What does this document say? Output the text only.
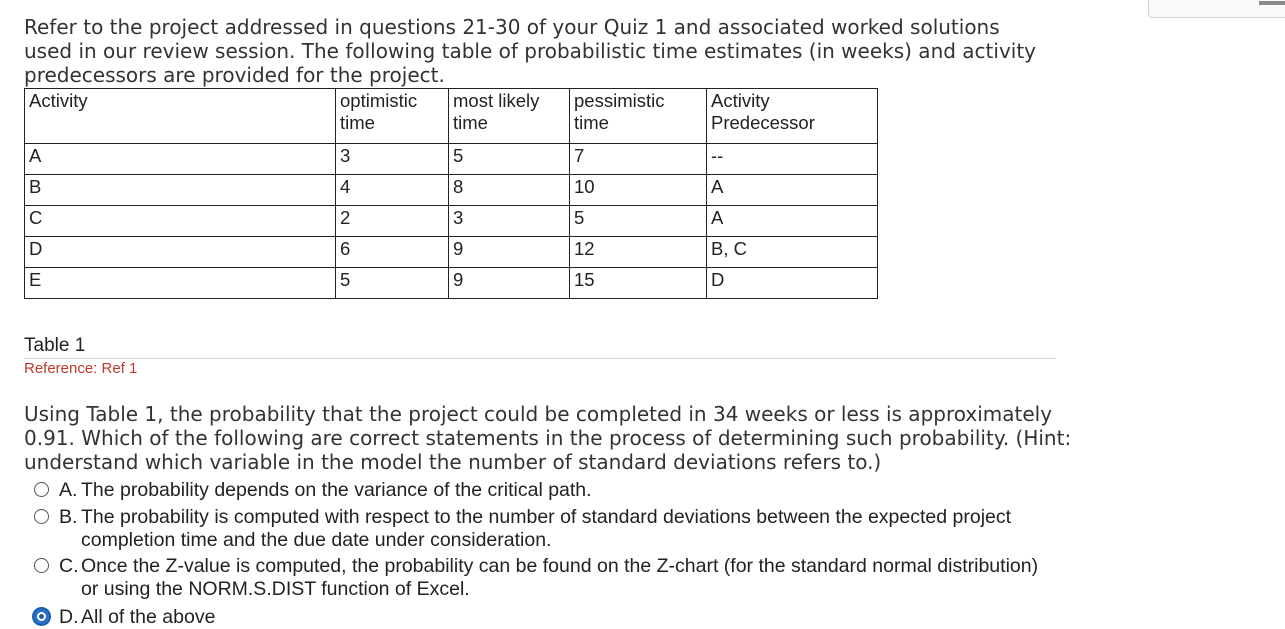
Refer to the project addressed in questions 21-30 of your Quiz 1 and associated worked solutions used in our review session. The following table of probabilistic time estimates (in weeks) and activity predecessors are provided for the project.
Activity	optimistic time	most likely time	pessimistic time	Activity Predecessor
A	3	5	7	--
B	4	8	10	A
C	2	3	5	A
D	6	9	12	B, C
E	5	9	15	D
Table 1
Reference: Ref 1
Using Table 1, the probability that the project could be completed in 34 weeks or less is approximately 0.91. Which of the following are correct statements in the process of determining such probability. (Hint: understand which variable in the model the number of standard deviations refers to.)
A. The probability depends on the variance of the critical path.
B. The probability is computed with respect to the number of standard deviations between the expected project completion time and the due date under consideration.
C. Once the Z-value is computed, the probability can be found on the Z-chart (for the standard normal distribution) or using the NORM.S.DIST function of Excel.
D. All of the above
